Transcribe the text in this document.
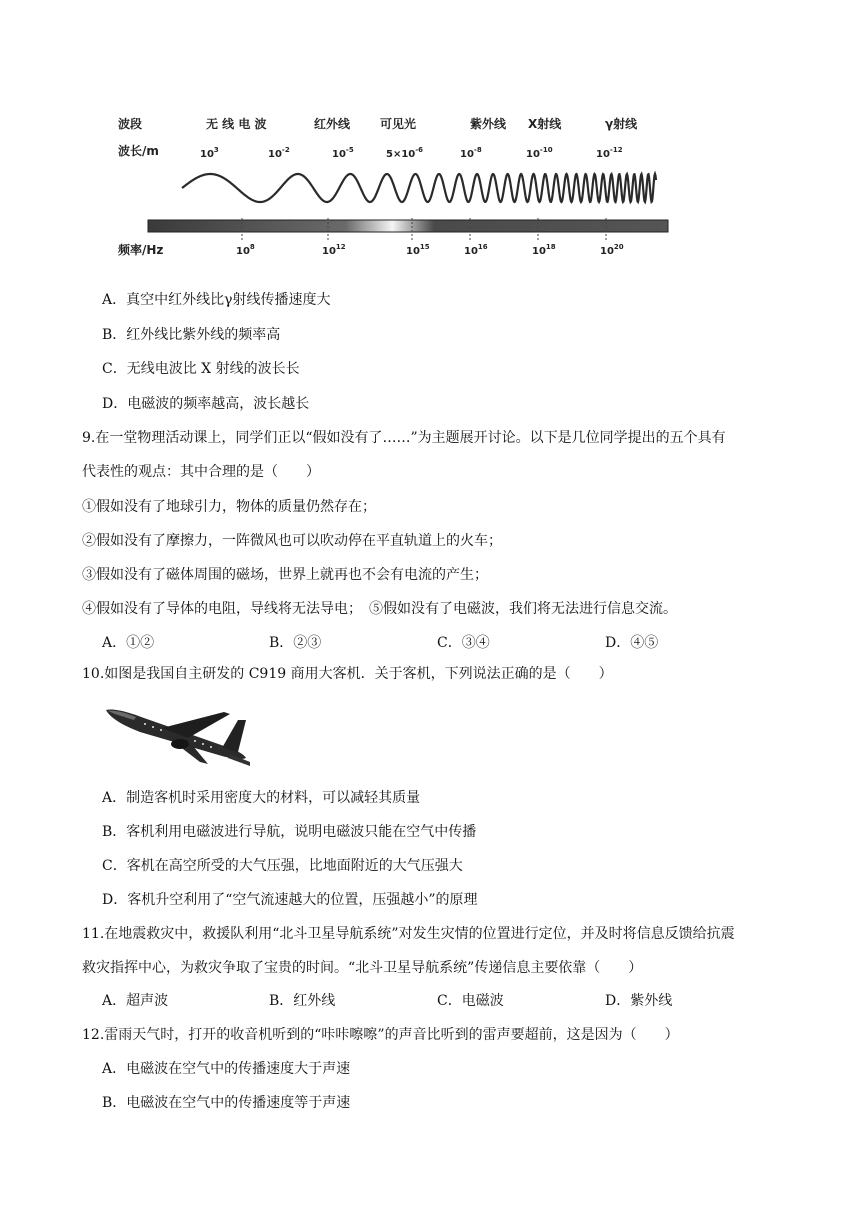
波段
波长/m
频率/Hz
无 线 电 波	红外线 可见光	紫外线 X射线	γ射线
$10^3$	$10^{-2}$	$10^{-5}$	$5\times 10^{-6}$	$10^{-8}$	$10^{-10}$	$10^{-12}$
$10^8$	$10^{12}$	$10^{15}$	$10^{16}$	$10^{18}$	$10^{20}$
A．真空中红外线比γ射线传播速度大
B．红外线比紫外线的频率高
C．无线电波比 X 射线的波长长
D．电磁波的频率越高，波长越长
9.在一堂物理活动课上，同学们正以“假如没有了……”为主题展开讨论。以下是几位同学提出的五个具有
代表性的观点：其中合理的是（　　）
①假如没有了地球引力，物体的质量仍然存在；
②假如没有了摩擦力，一阵微风也可以吹动停在平直轨道上的火车；
③假如没有了磁体周围的磁场，世界上就再也不会有电流的产生；
④假如没有了导体的电阻，导线将无法导电；　⑤假如没有了电磁波，我们将无法进行信息交流。
A．①②	B．②③	C．③④	D．④⑤
10.如图是我国自主研发的 C919 商用大客机．关于客机，下列说法正确的是（　　）
A．制造客机时采用密度大的材料，可以减轻其质量
B．客机利用电磁波进行导航，说明电磁波只能在空气中传播
C．客机在高空所受的大气压强，比地面附近的大气压强大
D．客机升空利用了“空气流速越大的位置，压强越小”的原理
11.在地震救灾中，救援队利用“北斗卫星导航系统”对发生灾情的位置进行定位，并及时将信息反馈给抗震
救灾指挥中心，为救灾争取了宝贵的时间。“北斗卫星导航系统”传递信息主要依靠（　　）
A．超声波	B．红外线	C．电磁波	D．紫外线
12.雷雨天气时，打开的收音机听到的“咔咔嚓嚓”的声音比听到的雷声要超前，这是因为（　　）
A．电磁波在空气中的传播速度大于声速
B．电磁波在空气中的传播速度等于声速
